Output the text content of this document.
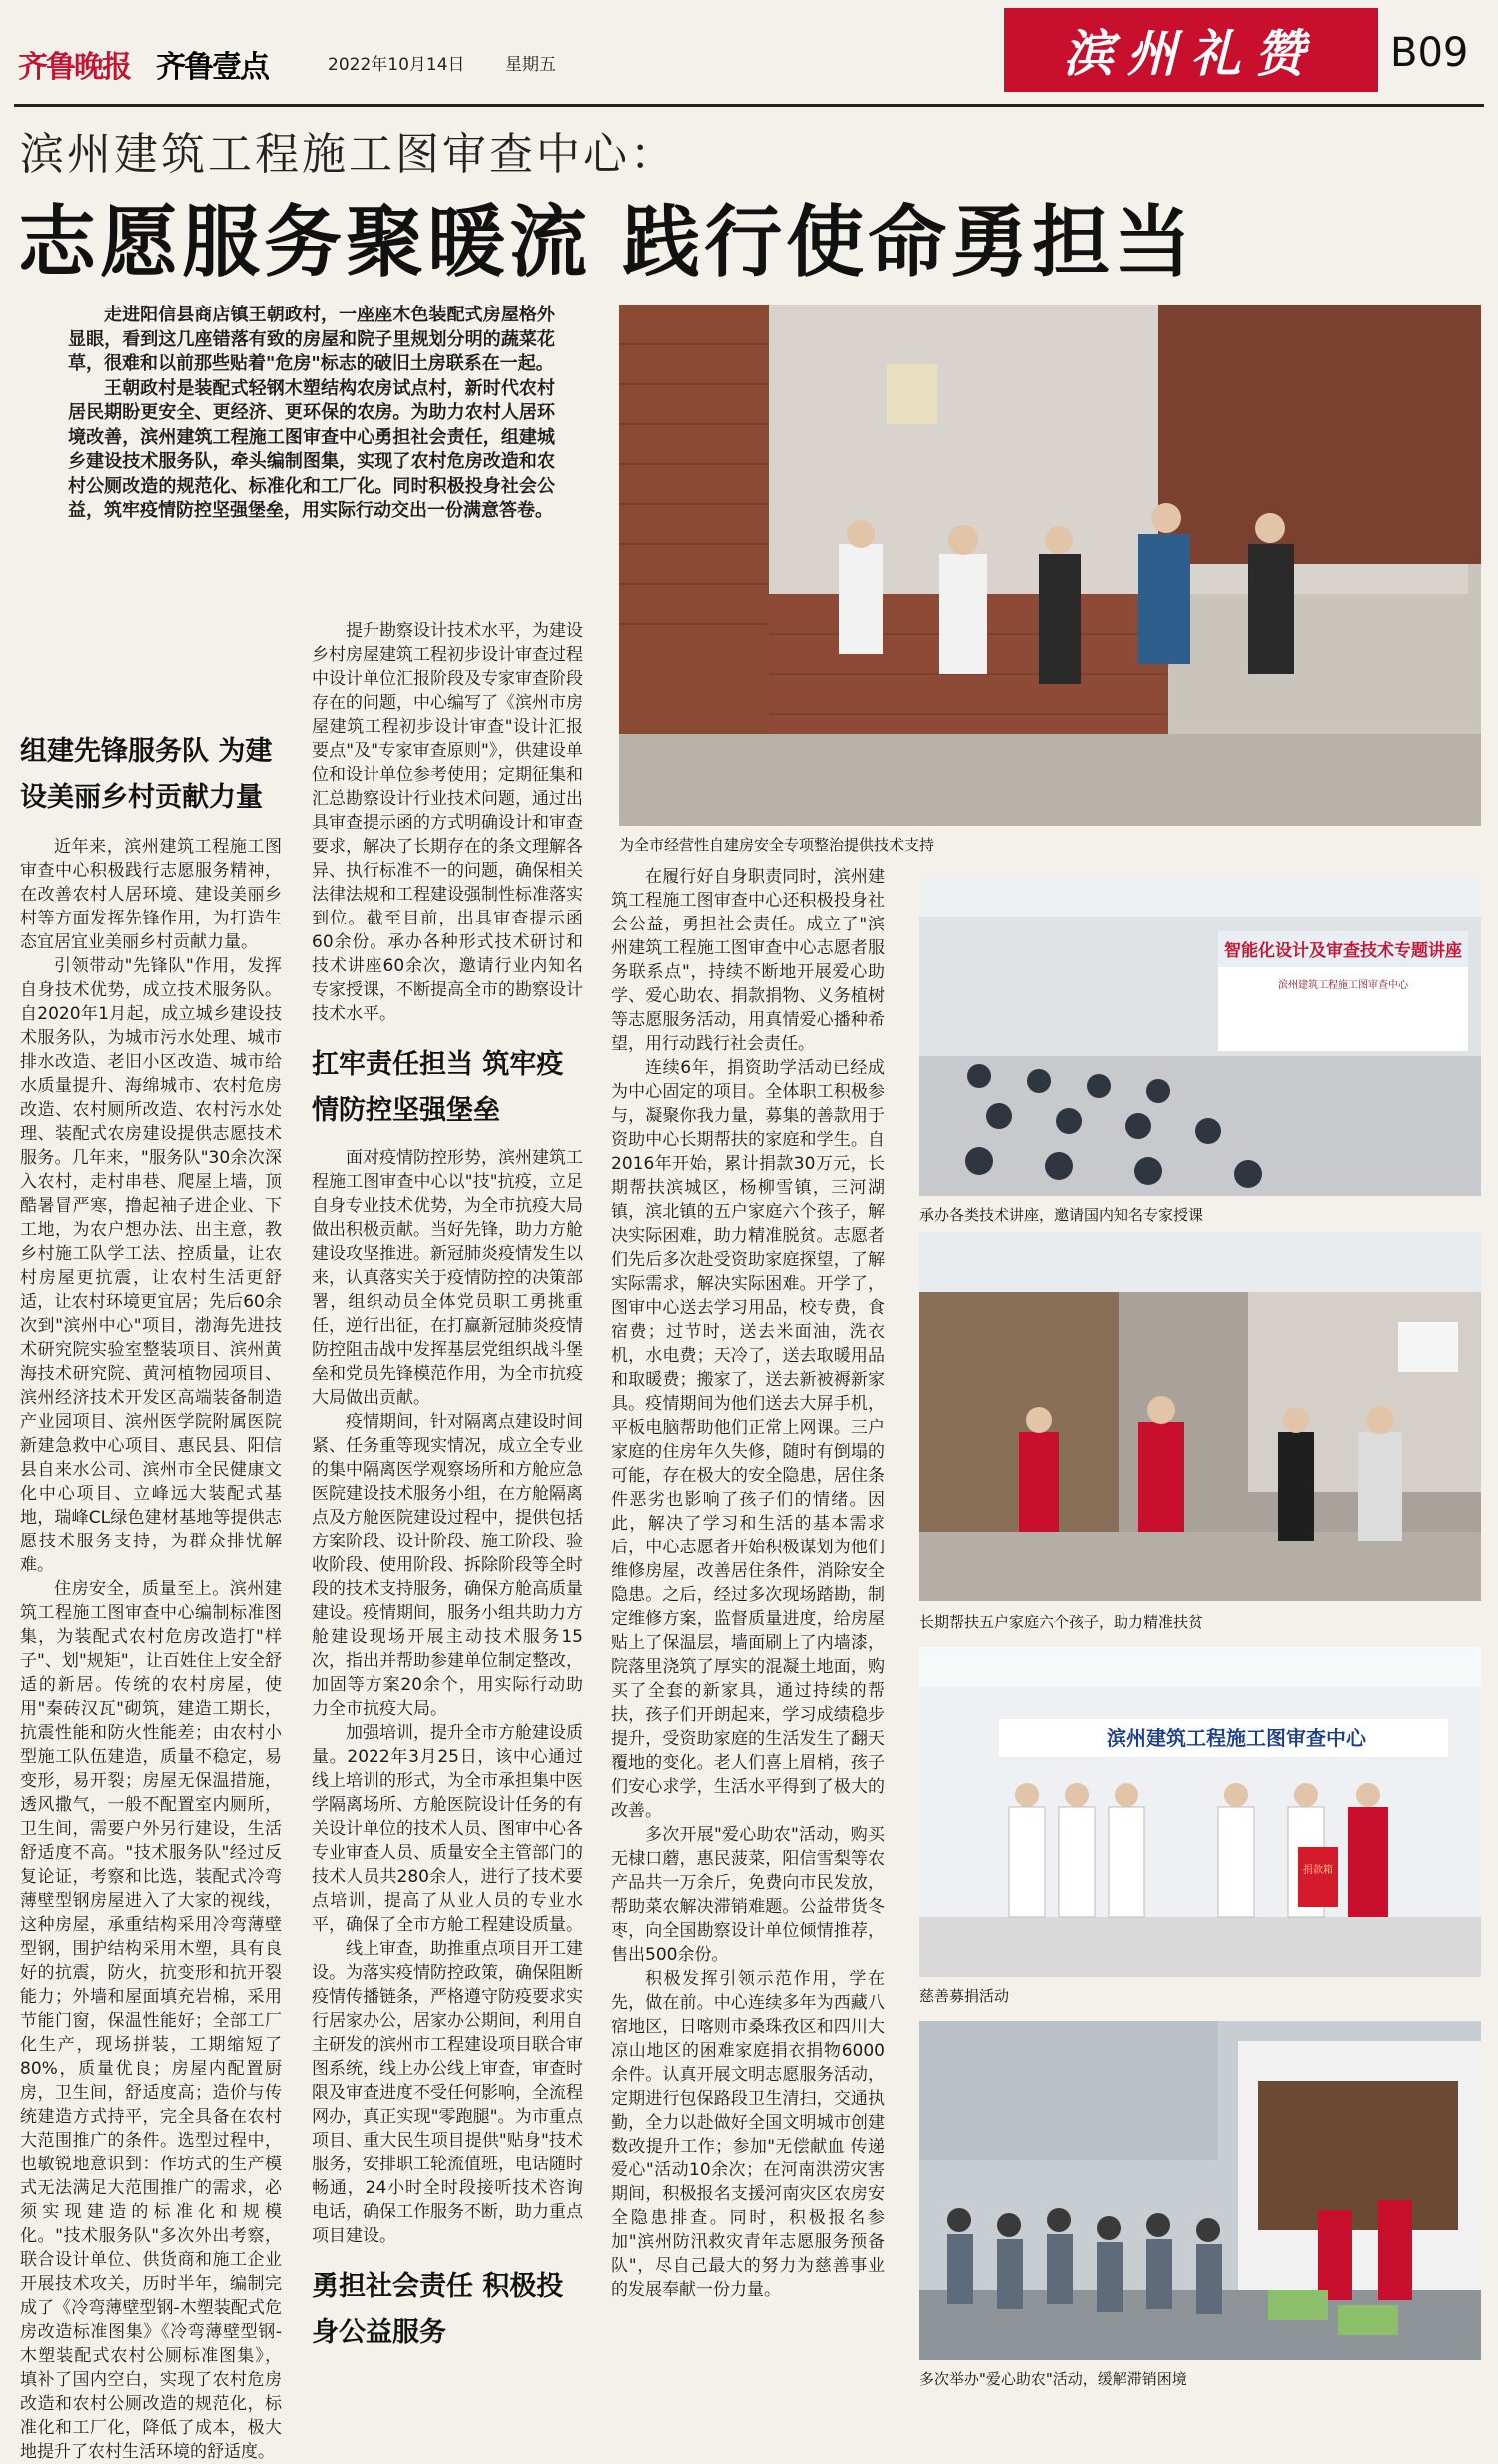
齐鲁晚报 齐鲁壹点	2022年10月14日 星期五	滨州礼赞 B09
滨州建筑工程施工图审查中心：
志愿服务聚暖流 践行使命勇担当

走进阳信县商店镇王朝政村，一座座木色装配式房屋格外显眼，看到这几座错落有致的房屋和院子里规划分明的蔬菜花草，很难和以前那些贴着"危房"标志的破旧土房联系在一起。

王朝政村是装配式轻钢木塑结构农房试点村，新时代农村居民期盼更安全、更经济、更环保的农房。为助力农村人居环境改善，滨州建筑工程施工图审查中心勇担社会责任，组建城乡建设技术服务队，牵头编制图集，实现了农村危房改造和农村公厕改造的规范化、标准化和工厂化。同时积极投身社会公益，筑牢疫情防控坚强堡垒，用实际行动交出一份满意答卷。

组建先锋服务队 为建设美丽乡村贡献力量

近年来，滨州建筑工程施工图审查中心积极践行志愿服务精神，在改善农村人居环境、建设美丽乡村等方面发挥先锋作用，为打造生态宜居宜业美丽乡村贡献力量。

引领带动"先锋队"作用，发挥自身技术优势，成立技术服务队。自2020年1月起，成立城乡建设技术服务队，为城市污水处理、城市排水改造、老旧小区改造、城市给水质量提升、海绵城市、农村危房改造、农村厕所改造、农村污水处理、装配式农房建设提供志愿技术服务。几年来，"服务队"30余次深入农村，走村串巷、爬屋上墙，顶酷暑冒严寒，撸起袖子进企业、下工地，为农户想办法、出主意，教乡村施工队学工法、控质量，让农村房屋更抗震，让农村生活更舒适，让农村环境更宜居；先后60余次到"滨州中心"项目，渤海先进技术研究院实验室整装项目、滨州黄海技术研究院、黄河植物园项目、滨州经济技术开发区高端装备制造产业园项目、滨州医学院附属医院新建急救中心项目、惠民县、阳信县自来水公司、滨州市全民健康文化中心项目、立峰远大装配式基地，瑞峰CL绿色建材基地等提供志愿技术服务支持，为群众排忧解难。

住房安全，质量至上。滨州建筑工程施工图审查中心编制标准图集，为装配式农村危房改造打"样子"、划"规矩"，让百姓住上安全舒适的新居。传统的农村房屋，使用"秦砖汉瓦"砌筑，建造工期长，抗震性能和防火性能差；由农村小型施工队伍建造，质量不稳定，易变形，易开裂；房屋无保温措施，透风撒气，一般不配置室内厕所，卫生间，需要户外另行建设，生活舒适度不高。"技术服务队"经过反复论证，考察和比选，装配式冷弯薄壁型钢房屋进入了大家的视线，这种房屋，承重结构采用冷弯薄壁型钢，围护结构采用木塑，具有良好的抗震，防火，抗变形和抗开裂能力；外墙和屋面填充岩棉，采用节能门窗，保温性能好；全部工厂化生产，现场拼装，工期缩短了80%，质量优良；房屋内配置厨房，卫生间，舒适度高；造价与传统建造方式持平，完全具备在农村大范围推广的条件。选型过程中，也敏锐地意识到：作坊式的生产模式无法满足大范围推广的需求，必须实现建造的标准化和规模化。"技术服务队"多次外出考察，联合设计单位、供货商和施工企业开展技术攻关，历时半年，编制完成了《冷弯薄壁型钢-木塑装配式危房改造标准图集》《冷弯薄壁型钢-木塑装配式农村公厕标准图集》，填补了国内空白，实现了农村危房改造和农村公厕改造的规范化，标准化和工厂化，降低了成本，极大地提升了农村生活环境的舒适度。

提升勘察设计技术水平，为建设乡村房屋建筑工程初步设计审查过程中设计单位汇报阶段及专家审查阶段存在的问题，中心编写了《滨州市房屋建筑工程初步设计审查"设计汇报要点"及"专家审查原则"》，供建设单位和设计单位参考使用；定期征集和汇总勘察设计行业技术问题，通过出具审查提示函的方式明确设计和审查要求，解决了长期存在的条文理解各异、执行标准不一的问题，确保相关法律法规和工程建设强制性标准落实到位。截至目前，出具审查提示函60余份。承办各种形式技术研讨和技术讲座60余次，邀请行业内知名专家授课，不断提高全市的勘察设计技术水平。

扛牢责任担当 筑牢疫情防控坚强堡垒

面对疫情防控形势，滨州建筑工程施工图审查中心以"技"抗疫，立足自身专业技术优势，为全市抗疫大局做出积极贡献。当好先锋，助力方舱建设攻坚推进。新冠肺炎疫情发生以来，认真落实关于疫情防控的决策部署，组织动员全体党员职工勇挑重任，逆行出征，在打赢新冠肺炎疫情防控阻击战中发挥基层党组织战斗堡垒和党员先锋模范作用，为全市抗疫大局做出贡献。

疫情期间，针对隔离点建设时间紧、任务重等现实情况，成立全专业的集中隔离医学观察场所和方舱应急医院建设技术服务小组，在方舱隔离点及方舱医院建设过程中，提供包括方案阶段、设计阶段、施工阶段、验收阶段、使用阶段、拆除阶段等全时段的技术支持服务，确保方舱高质量建设。疫情期间，服务小组共助力方舱建设现场开展主动技术服务15次，指出并帮助参建单位制定整改，加固等方案20余个，用实际行动助力全市抗疫大局。

加强培训，提升全市方舱建设质量。2022年3月25日，该中心通过线上培训的形式，为全市承担集中医学隔离场所、方舱医院设计任务的有关设计单位的技术人员、图审中心各专业审查人员、质量安全主管部门的技术人员共280余人，进行了技术要点培训，提高了从业人员的专业水平，确保了全市方舱工程建设质量。

线上审查，助推重点项目开工建设。为落实疫情防控政策，确保阻断疫情传播链条，严格遵守防疫要求实行居家办公，居家办公期间，利用自主研发的滨州市工程建设项目联合审图系统，线上办公线上审查，审查时限及审查进度不受任何影响，全流程网办，真正实现"零跑腿"。为市重点项目、重大民生项目提供"贴身"技术服务，安排职工轮流值班，电话随时畅通，24小时全时段接听技术咨询电话，确保工作服务不断，助力重点项目建设。

勇担社会责任 积极投身公益服务

在履行好自身职责同时，滨州建筑工程施工图审查中心还积极投身社会公益，勇担社会责任。成立了"滨州建筑工程施工图审查中心志愿者服务联系点"，持续不断地开展爱心助学、爱心助农、捐款捐物、义务植树等志愿服务活动，用真情爱心播种希望，用行动践行社会责任。

连续6年，捐资助学活动已经成为中心固定的项目。全体职工积极参与，凝聚你我力量，募集的善款用于资助中心长期帮扶的家庭和学生。自2016年开始，累计捐款30万元，长期帮扶滨城区，杨柳雪镇，三河湖镇，滨北镇的五户家庭六个孩子，解决实际困难，助力精准脱贫。志愿者们先后多次赴受资助家庭探望，了解实际需求，解决实际困难。开学了，图审中心送去学习用品，校专费，食宿费；过节时，送去米面油，洗衣机，水电费；天冷了，送去取暖用品和取暖费；搬家了，送去新被褥新家具。疫情期间为他们送去大屏手机，平板电脑帮助他们正常上网课。三户家庭的住房年久失修，随时有倒塌的可能，存在极大的安全隐患，居住条件恶劣也影响了孩子们的情绪。因此，解决了学习和生活的基本需求后，中心志愿者开始积极谋划为他们维修房屋，改善居住条件，消除安全隐患。之后，经过多次现场踏勘，制定维修方案，监督质量进度，给房屋贴上了保温层，墙面刷上了内墙漆，院落里浇筑了厚实的混凝土地面，购买了全套的新家具，通过持续的帮扶，孩子们开朗起来，学习成绩稳步提升，受资助家庭的生活发生了翻天覆地的变化。老人们喜上眉梢，孩子们安心求学，生活水平得到了极大的改善。

多次开展"爱心助农"活动，购买无棣口蘑，惠民菠菜，阳信雪梨等农产品共一万余斤，免费向市民发放，帮助菜农解决滞销难题。公益带货冬枣，向全国勘察设计单位倾情推荐，售出500余份。

积极发挥引领示范作用，学在先，做在前。中心连续多年为西藏八宿地区，日喀则市桑珠孜区和四川大凉山地区的困难家庭捐衣捐物6000余件。认真开展文明志愿服务活动，定期进行包保路段卫生清扫，交通执勤，全力以赴做好全国文明城市创建数改提升工作；参加"无偿献血 传递爱心"活动10余次；在河南洪涝灾害期间，积极报名支援河南灾区农房安全隐患排查。同时，积极报名参加"滨州防汛救灾青年志愿服务预备队"，尽自己最大的努力为慈善事业的发展奉献一份力量。

为全市经营性自建房安全专项整治提供技术支持
智能化设计及审查技术专题讲座
滨州建筑工程施工图审查中心
承办各类技术讲座，邀请国内知名专家授课
长期帮扶五户家庭六个孩子，助力精准扶贫
滨州建筑工程施工图审查中心
捐款箱
慈善募捐活动
多次举办"爱心助农"活动，缓解滞销困境
